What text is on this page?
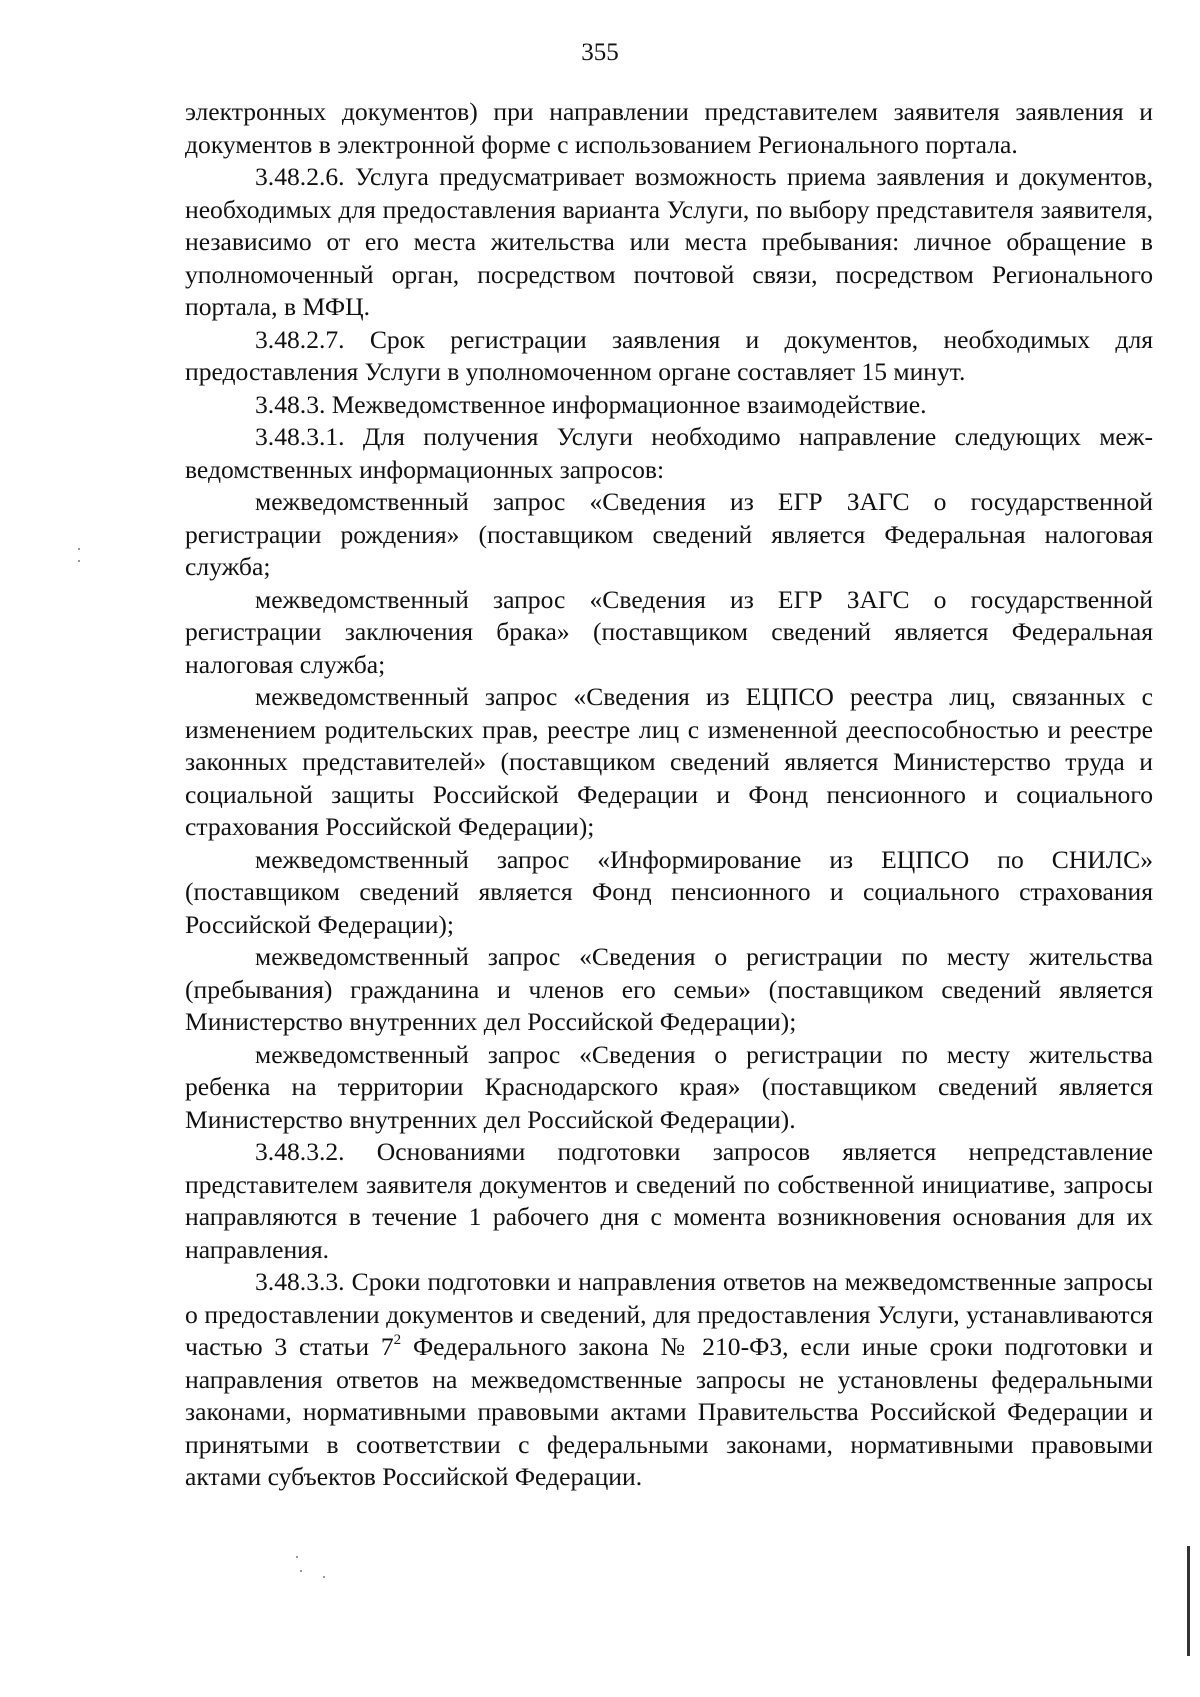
355

электронных документов) при направлении представителем заявителя заявления и документов в электронной форме с использованием Регионального портала.

3.48.2.6. Услуга предусматривает возможность приема заявления и документов, необходимых для предоставления варианта Услуги, по выбору представителя заявителя, независимо от его места жительства или места пребывания: личное обращение в уполномоченный орган, посредством почтовой связи, посредством Регионального портала, в МФЦ.

3.48.2.7. Срок регистрации заявления и документов, необходимых для предоставления Услуги в уполномоченном органе составляет 15 минут.

3.48.3. Межведомственное информационное взаимодействие.

3.48.3.1. Для получения Услуги необходимо направление следующих межведомственных информационных запросов:

межведомственный запрос «Сведения из ЕГР ЗАГС о государственной регистрации рождения» (поставщиком сведений является Федеральная налоговая служба;

межведомственный запрос «Сведения из ЕГР ЗАГС о государственной регистрации заключения брака» (поставщиком сведений является Федеральная налоговая служба;

межведомственный запрос «Сведения из ЕЦПСО реестра лиц, связанных с изменением родительских прав, реестре лиц с измененной дееспособностью и реестре законных представителей» (поставщиком сведений является Министерство труда и социальной защиты Российской Федерации и Фонд пенсионного и социального страхования Российской Федерации);

межведомственный запрос «Информирование из ЕЦПСО по СНИЛС» (поставщиком сведений является Фонд пенсионного и социального страхования Российской Федерации);

межведомственный запрос «Сведения о регистрации по месту жительства (пребывания) гражданина и членов его семьи» (поставщиком сведений является Министерство внутренних дел Российской Федерации);

межведомственный запрос «Сведения о регистрации по месту жительства ребенка на территории Краснодарского края» (поставщиком сведений является Министерство внутренних дел Российской Федерации).

3.48.3.2. Основаниями подготовки запросов является непредставление представителем заявителя документов и сведений по собственной инициативе, запросы направляются в течение 1 рабочего дня с момента возникновения основания для их направления.

3.48.3.3. Сроки подготовки и направления ответов на межведомственные запросы о предоставлении документов и сведений, для предоставления Услуги, устанавливаются частью 3 статьи $7^2$ Федерального закона № 210-ФЗ, если иные сроки подготовки и направления ответов на межведомственные запросы не установлены федеральными законами, нормативными правовыми актами Правительства Российской Федерации и принятыми в соответствии с федеральными законами, нормативными правовыми актами субъектов Российской Федерации.
